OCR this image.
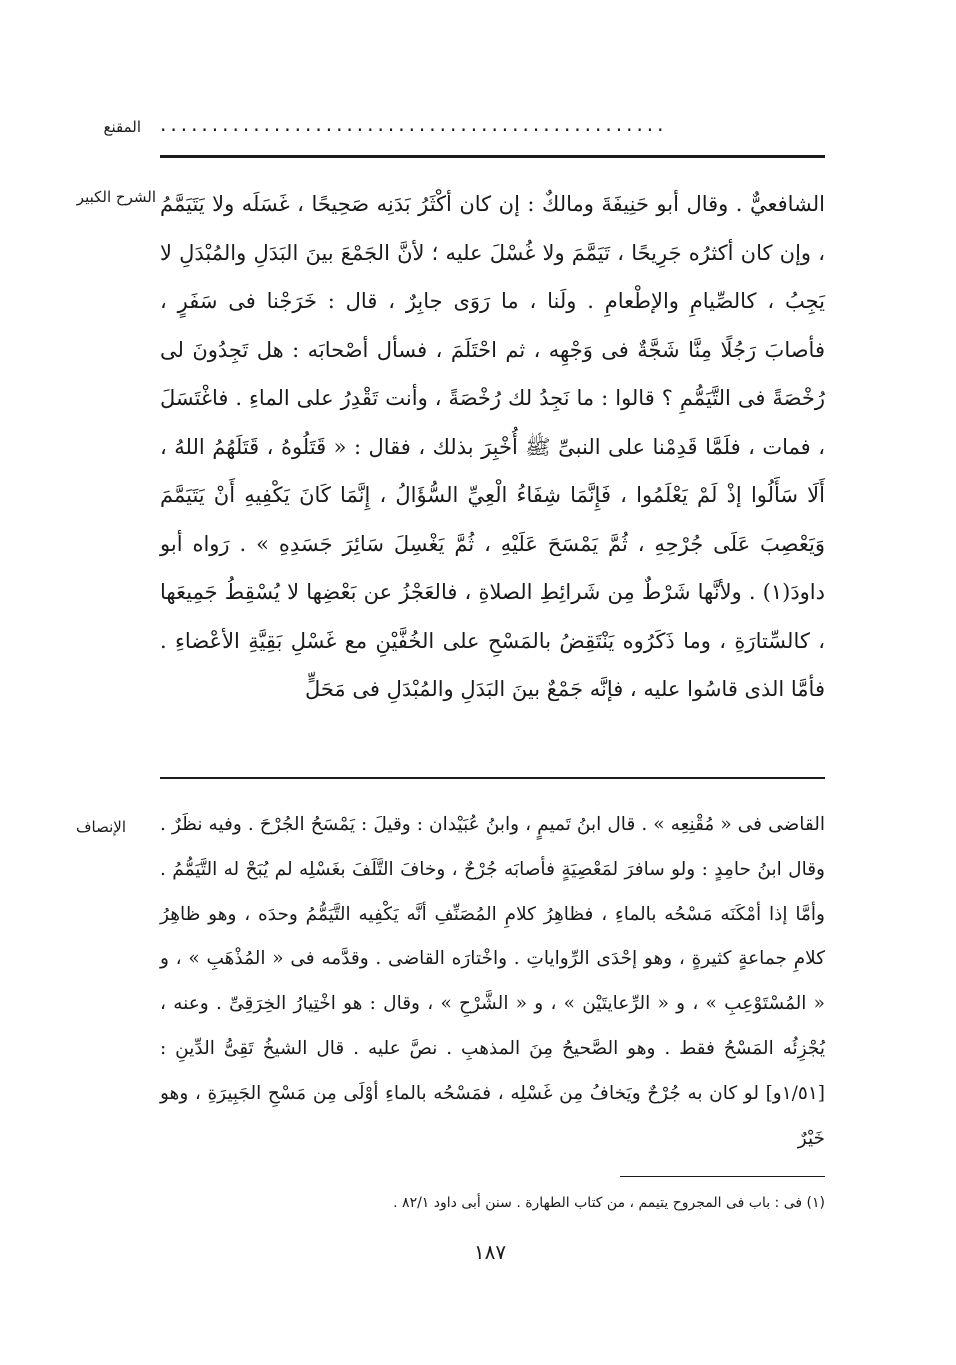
المقنع .................................................
الشرح الكبير الشافعيٌّ . وقال أبو حَنِيفَةَ ومالكٌ : إن كان أكْثَرُ بَدَنِه صَحِيحًا ، غَسَلَه ولا يَتَيَمَّمُ ، وإن كان أكثرُه جَرِيحًا ، تَيَمَّمَ ولا غُسْلَ عليه ؛ لأنَّ الجَمْعَ بينَ البَدَلِ والمُبْدَلِ لا يَجِبُ ، كالصِّيامِ والإطْعامِ . ولَنا ، ما رَوَى جابِرٌ ، قال : خَرَجْنا فى سَفَرٍ ، فأصابَ رَجُلًا مِنَّا شَجَّةٌ فى وَجْهِه ، ثم احْتَلَمَ ، فسأل أصْحابَه : هل تَجِدُونَ لى رُخْصَةً فى التَّيَمُّمِ ؟ قالوا : ما نَجِدُ لك رُخْصَةً ، وأنت تَقْدِرُ على الماءِ . فاغْتَسَلَ ، فمات ، فلَمَّا قَدِمْنا على النبىِّ ﷺ أُخْبِرَ بذلك ، فقال : « قَتَلُوهُ ، قَتَلَهُمُ اللهُ ، أَلَا سَأَلُوا إذْ لَمْ يَعْلَمُوا ، فَإِنَّمَا شِفَاءُ الْعِيِّ السُّؤَالُ ، إِنَّمَا كَانَ يَكْفِيهِ أَنْ يَتَيَمَّمَ وَيَعْصِبَ عَلَى جُرْحِهِ ، ثُمَّ يَمْسَحَ عَلَيْهِ ، ثُمَّ يَغْسِلَ سَائِرَ جَسَدِهِ » . رَواه أبو داودَ(١) . ولأنَّها شَرْطٌ مِن شَرائِطِ الصلاةِ ، فالعَجْزُ عن بَعْضِها لا يُسْقِطُ جَمِيعَها ، كالسِّتارَةِ ، وما ذَكَرُوه يَنْتَقِضُ بالمَسْحِ على الخُفَّيْنِ مع غَسْلِ بَقِيَّةِ الأعْضاءِ . فأمَّا الذى قاسُوا عليه ، فإنَّه جَمْعٌ بينَ البَدَلِ والمُبْدَلِ فى مَحَلٍّ

الإنصاف القاضى فى « مُقْنِعِه » . قال ابنُ تَميمٍ ، وابنُ عُبَيْدان : وقيلَ : يَمْسَحُ الجُرْحَ . وفيه نظَرٌ . وقال ابنُ حامِدٍ : ولو سافرَ لمَعْصِيَةٍ فأصابَه جُرْحٌ ، وخافَ التَّلَفَ بغَسْلِه لم يُبَحْ له التَّيَمُّمُ . وأمَّا إذا أمْكَنَه مَسْحُه بالماءِ ، فظاهِرُ كلامِ المُصَنِّفِ أنَّه يَكْفِيه التَّيَمُّمُ وحدَه ، وهو ظاهِرُ كلامِ جماعةٍ كثيرةٍ ، وهو إحْدَى الرِّواياتِ . واخْتارَه القاضى . وقدَّمه فى « المُذْهَبِ » ، و « المُسْتَوْعِبِ » ، و « الرِّعايتَيْن » ، و « الشَّرْحِ » ، وقال : هو اخْتِيارُ الخِرَقِىِّ . وعنه ، يُجْزِئُه المَسْحُ فقط . وهو الصَّحيحُ مِنَ المذهبِ . نصَّ عليه . قال الشيخُ تَقِىُّ الدِّينِ : [١/٥١و] لو كان به جُرْحٌ ويَخافُ مِن غَسْلِه ، فمَسْحُه بالماءِ أوْلَى مِن مَسْحِ الجَبِيرَةِ ، وهو خَيْرٌ

(١) فى : باب فى المجروح يتيمم ، من كتاب الطهارة . سنن أبى داود ٨٢/١ .
١٨٧
